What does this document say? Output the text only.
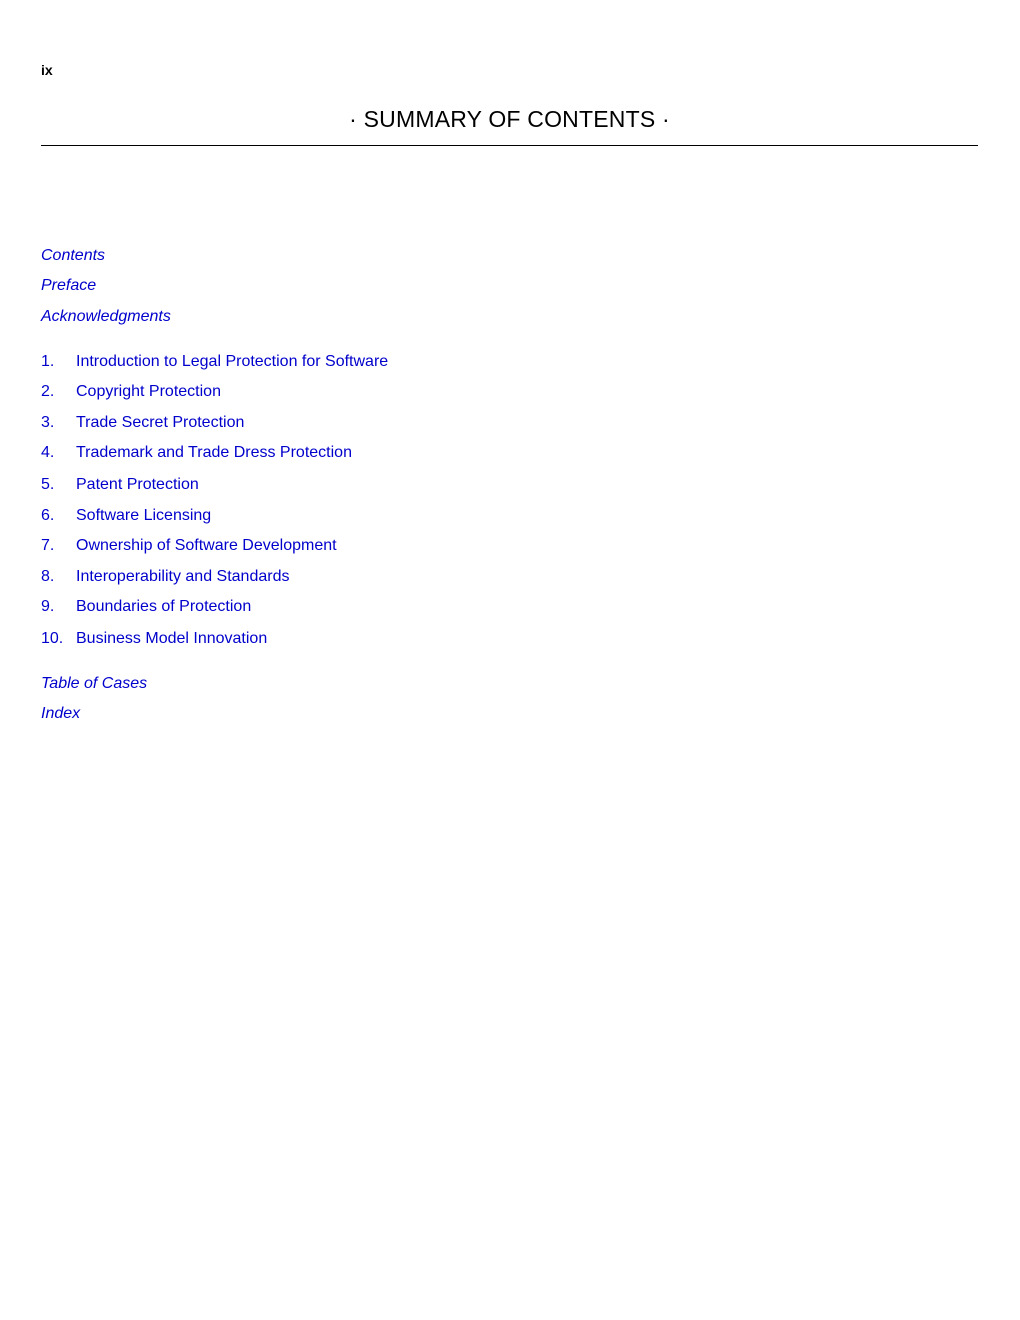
ix
· SUMMARY OF CONTENTS ·
Contents
Preface
Acknowledgments
1. Introduction to Legal Protection for Software
2. Copyright Protection
3. Trade Secret Protection
4. Trademark and Trade Dress Protection
5. Patent Protection
6. Software Licensing
7. Ownership of Software Development
8. Interoperability and Standards
9. Boundaries of Protection
10. Business Model Innovation
Table of Cases
Index
